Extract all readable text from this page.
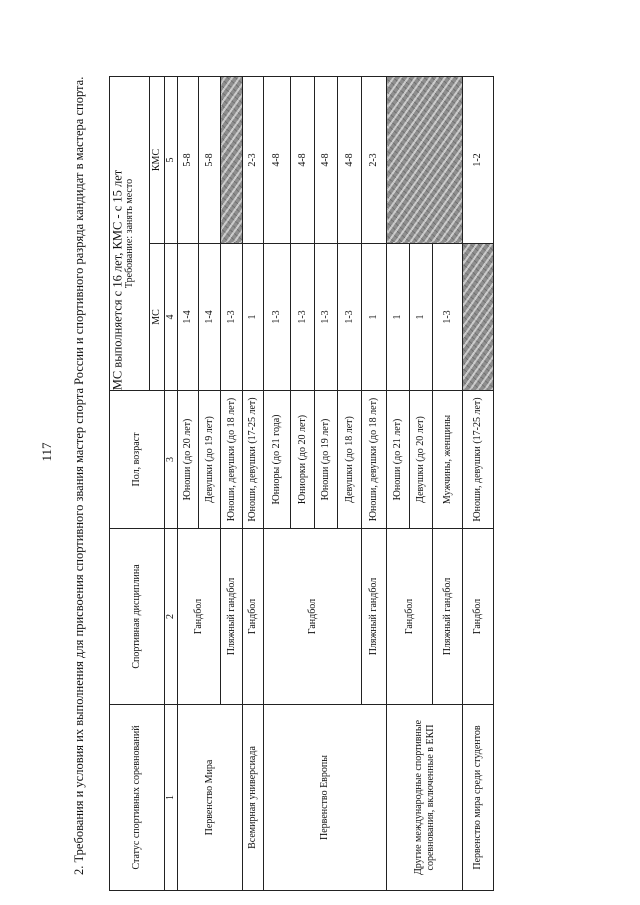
117 2. Требования и условия их выполнения для присвоения спортивного звания мастер спорта России и спортивного разряда кандидат в мастера спорта. МС выполняется с 16 лет, КМС - с 15 лет
Статус спортивных соревнований	Спортивная дисциплина	Пол, возраст	Требование: занять место	
			МС	КМС
1	2	3	4	5
Первенство Мира	Гандбол	Юноши (до 20 лет)	1-4	5-8
		Девушки (до 19 лет)	1-4	5-8
	Пляжный гандбол	Юноши, девушки (до 18 лет)	1-3	
Всемирная универсиада	Гандбол	Юноши, девушки (17-25 лет)	1	2-3
Первенство Европы	Гандбол	Юниоры (до 21 года)	1-3	4-8
		Юниорки (до 20 лет)	1-3	4-8
		Юноши (до 19 лет)	1-3	4-8
		Девушки (до 18 лет)	1-3	4-8
	Пляжный гандбол	Юноши, девушки (до 18 лет)	1	2-3
Другие международные спортивные соревнования, включенные в ЕКП	Гандбол	Юноши (до 21 лет)	1	
		Девушки (до 20 лет)	1	
	Пляжный гандбол	Мужчины, женщины	1-3	
Первенство мира среди студентов	Гандбол	Юноши, девушки (17-25 лет)		1-2
